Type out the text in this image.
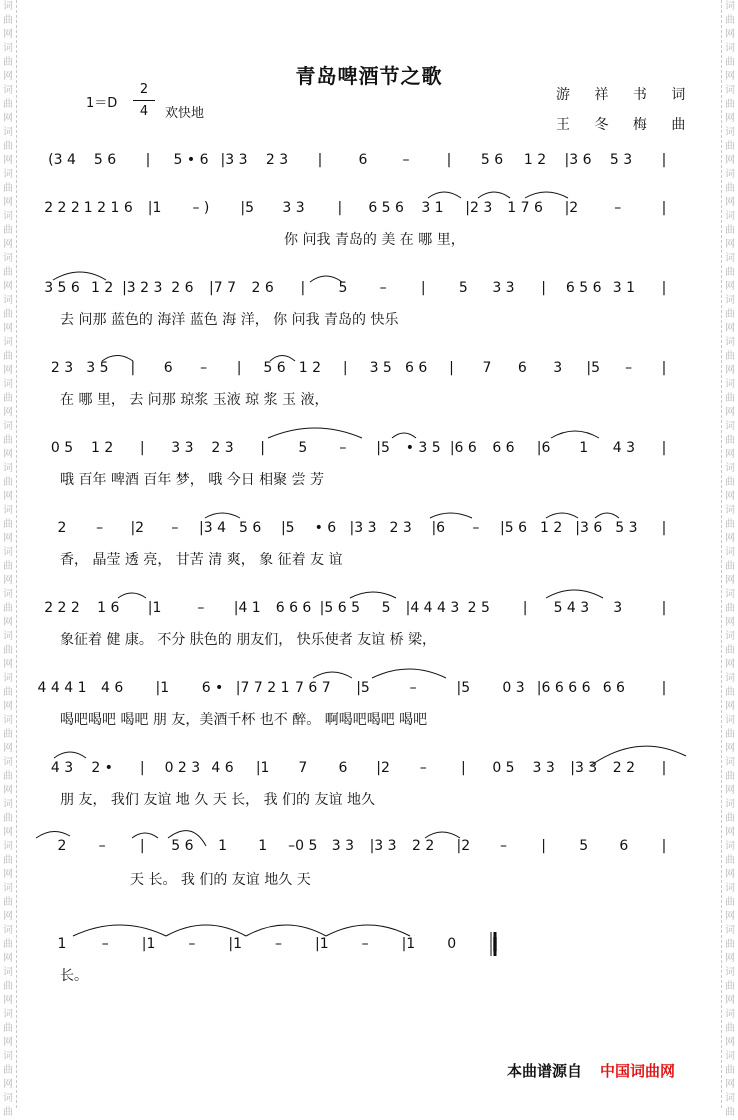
词
曲
网
词
曲
网
词
曲
网
词
曲
网
词
曲
网
词
曲
网
词
曲
网
词
曲
网
词
曲
网
词
曲
网
词
曲
网
词
曲
网
词
曲
网
词
曲
网
词
曲
网
词
曲
网
词
曲
网
词
曲
网
词
曲
网
词
曲
网
词
曲
网
词
曲
网
词
曲
网
词
曲
网
词
曲
网
词
曲
网
词
曲

词
曲
网
词
曲
网
词
曲
网
词
曲
网
词
曲
网
词
曲
网
词
曲
网
词
曲
网
词
曲
网
词
曲
网
词
曲
网
词
曲
网
词
曲
网
词
曲
网
词
曲
网
词
曲
网
词
曲
网
词
曲
网
词
曲
网
词
曲
网
词
曲
网
词
曲
网
词
曲
网
词
曲
网
词
曲
网
词
曲
网
词
曲

青岛啤酒节之歌
1＝D
2
4	欢快地
游 祥 书 词
王 冬 梅 曲
(3 4 5 6 | 5 • 6 |3 3 2 3 |	6	–	| 5 6 1 2 |3 6 5 3 |
2 2 2 1 2 1 6 |1 – ) |5 3 3 | 6 5 6 3 1 |2 3 1 7 6 |2	–	|
3 5 6 1 2 |3 2 3 2 6 |7 7 2 6 | 5 – | 5 3 3 | 6 5 6 3 1 |
2 3 3 5 | 6 – | 5 6 1 2 | 3 5 6 6 | 7 6 3 |5 – |
0 5 1 2 | 3 3 2 3 | 5 – |5 • 3 5 |6 6 6 6 |6 1 4 3 |
2 – |2 – |3 4 5 6 |5 • 6 |3 3 2 3 |6 – |5 6 1 2 |3 6 5 3 |
2 2 2 1 6 |1	– |4 1 6 6 6 |5 6 5 5 |4 4 4 3 2 5 | 5 4 3 3	|
4 4 4 1 4 6 |1 6 • |7 7 2 1 7 6 7 |5	–	|5 0 3 |6 6 6 6 6 6	|
4 3 2 • | 0 2 3 4 6 |1 7 6 |2 – | 0 5 3 3 |3 3 2 2 |
2 – | 5 6 1 1 –0 5 3 3 |3 3 2 2 |2 – | 5 6 |
1	– |1 – |1 – |1 – |1 0	‖
你 问我 青岛的 美 在 哪 里，
去 问那 蓝色的 海洋 蓝色 海 洋， 你 问我 青岛的 快乐
在 哪 里， 去 问那 琼浆 玉液 琼 浆 玉 液，
哦 百年 啤酒 百年 梦， 哦 今日 相聚 尝 芳
香， 晶莹 透 亮， 甘苦 清 爽， 象 征着 友 谊
象征着 健 康。 不分 肤色的 朋友们， 快乐使者 友谊 桥 梁，
喝吧喝吧 喝吧 朋 友，美酒千杯 也不 醉。 啊喝吧喝吧 喝吧
朋 友， 我们 友谊 地 久 天 长， 我 们的 友谊 地久
天 长。 我 们的 友谊 地久 天
长。
本曲谱源自 中国词曲网
